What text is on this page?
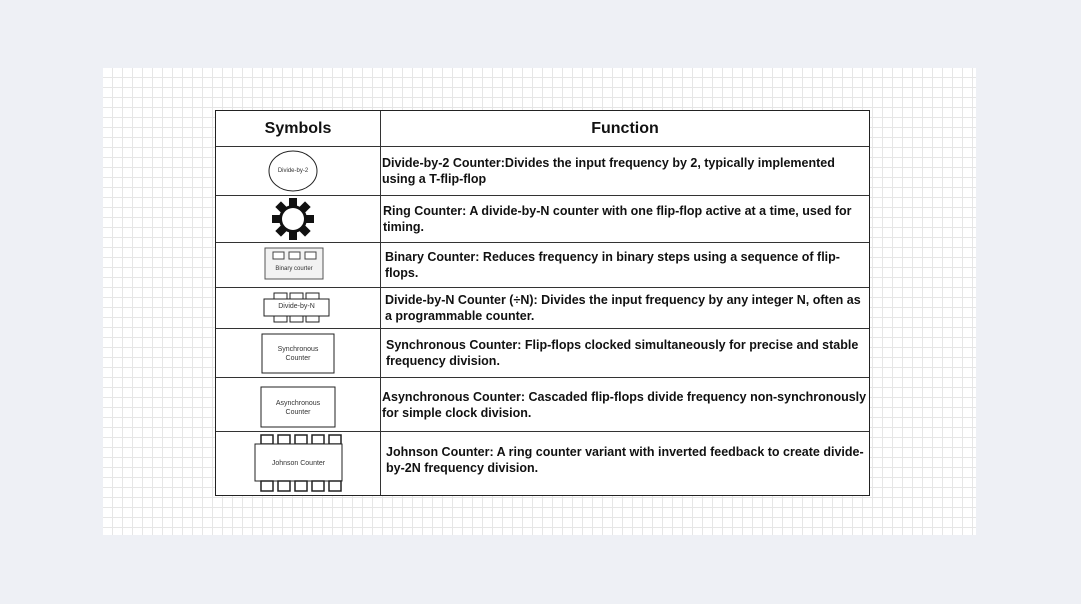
Symbols	Function
Divide-by-2
Divide-by-2 Counter:Divides the input frequency by 2, typically implemented using a T-flip-flop
Ring Counter: A divide-by-N counter with one flip-flop active at a time, used for timing.
Binary courter
Binary Counter: Reduces frequency in binary steps using a sequence of flip-flops.
Divide-by-N	Divide-by-N Counter (÷N): Divides the input frequency by any integer N, often as a programmable counter.
Synchronous Counter
Synchronous Counter: Flip-flops clocked simultaneously for precise and stable frequency division.
Asynchronous Counter
Asynchronous Counter: Cascaded flip-flops divide frequency non-synchronously for simple clock division.
Johnson Counter
Johnson Counter: A ring counter variant with inverted feedback to create divide-by-2N frequency division.
